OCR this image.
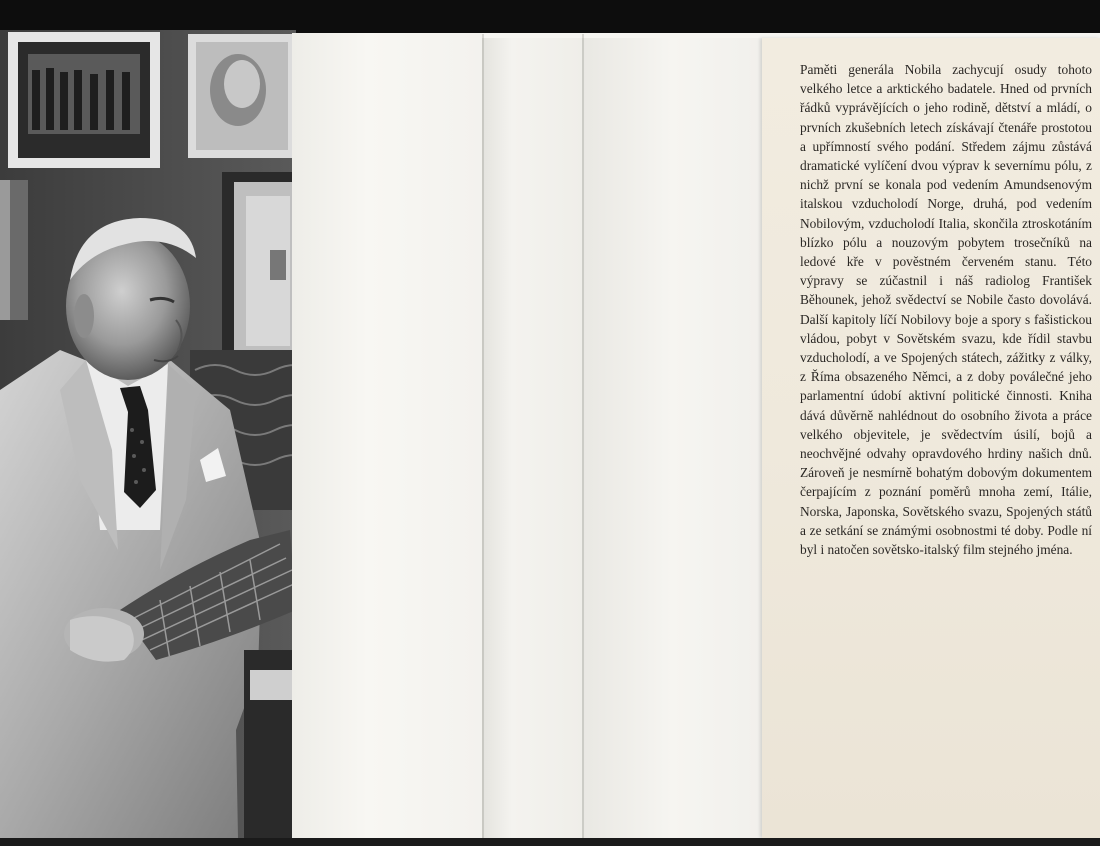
Paměti generála Nobila zachycují osudy tohoto velkého letce a arktického badatele. Hned od prvních řádků vyprávějících o jeho rodině, dětství a mládí, o prvních zkušebních letech získávají čtenáře prostotou a upřímností svého podání. Středem zájmu zůstává dramatické vylíčení dvou výprav k severnímu pólu, z nichž první se konala pod vedením Amundsenovým italskou vzducholodí Norge, druhá, pod vedením Nobilovým, vzducholodí Italia, skončila ztroskotáním blízko pólu a nouzovým pobytem trosečníků na ledové kře v pověstném červeném stanu. Této výpravy se zúčastnil i náš radiolog František Běhounek, jehož svědectví se Nobile často dovolává. Další kapitoly líčí Nobilovy boje a spory s fašistickou vládou, pobyt v Sovětském svazu, kde řídil stavbu vzducholodí, a ve Spojených státech, zážitky z války, z Říma obsazeného Němci, a z doby poválečné jeho parlamentní údobí aktivní politické činnosti. Kniha dává důvěrně nahlédnout do osobního života a práce velkého objevitele, je svědectvím úsilí, bojů a neochvějné odvahy opravdového hrdiny našich dnů. Zároveň je nesmírně bohatým dobovým dokumentem čerpajícím z poznání poměrů mnoha zemí, Itálie, Norska, Japonska, Sovětského svazu, Spojených států a ze setkání se známými osobnostmi té doby. Podle ní byl i natočen sovětsko-italský film stejného jména.
